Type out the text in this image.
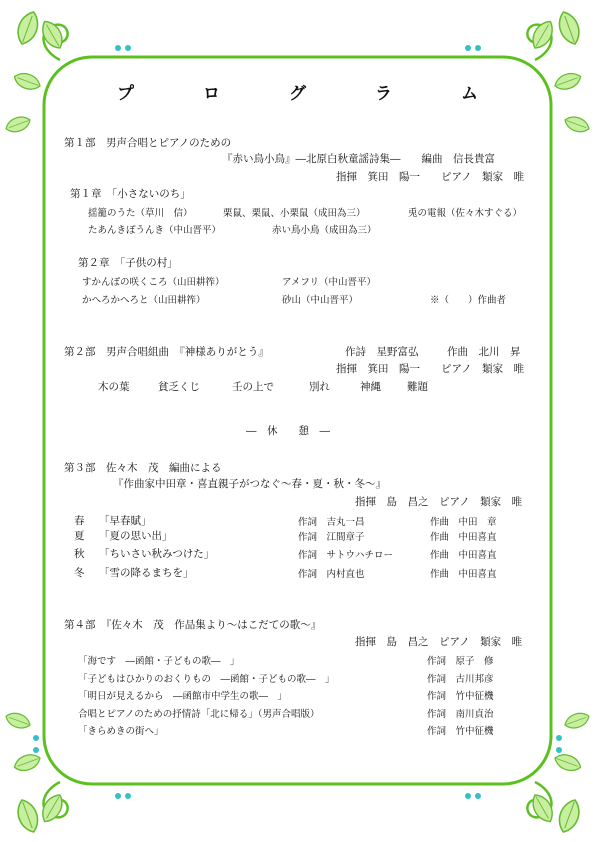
プ　ロ　グ　ラ　ム
第１部　男声合唱とピアノのための
『赤い鳥小鳥』―北原白秋童謡詩集―　　編曲　信長貴富
指揮　箕田　陽一　　ピアノ　類家　唯
第１章　「小さないのち」
揺籠のうた（草川　信）	栗鼠、栗鼠、小栗鼠（成田為三）	兎の電報（佐々木すぐる）
たあんきぽうんき（中山晋平）	赤い鳥小鳥（成田為三）
第２章　「子供の村」
すかんぽの咲くころ（山田耕筰）	アメフリ（中山晋平）
かへろかへろと（山田耕筰）	砂山（中山晋平）	※（　　）作曲者
第２部　男声合唱組曲　『神様ありがとう』	作詩　星野富弘	作曲　北川　昇
指揮　箕田　陽一　　ピアノ　類家　唯
木の葉	貧乏くじ	壬の上で	別れ	神縄 難題
―　休　　憩　―
第３部　佐々木　茂　編曲による
『作曲家中田章・喜直親子がつなぐ～春・夏・秋・冬～』
指揮　島　昌之　ピアノ　類家　唯
春 「早春賦」	作詞　吉丸一昌	作曲　中田　章
夏 「夏の思い出」	作詞　江間章子	作曲　中田喜直
秋 「ちいさい秋みつけた」	作詞　サトウハチロー	作曲　中田喜直
冬 「雪の降るまちを」	作詞　内村直也	作曲　中田喜直
第４部　『佐々木　茂　作品集より～はこだての歌～』
指揮　島　昌之　ピアノ　類家　唯
「海です　―函館・子どもの歌―　」	作詞　原子　修
「子どもはひかりのおくりもの　―函館・子どもの歌―　」	作詞　古川邦彦
「明日が見えるから　―函館市中学生の歌―　」	作詞　竹中征機
合唱とピアノのための抒情詩「北に帰る」（男声合唱版）	作詞　南川貞治
「きらめきの街へ」	作詞　竹中征機
